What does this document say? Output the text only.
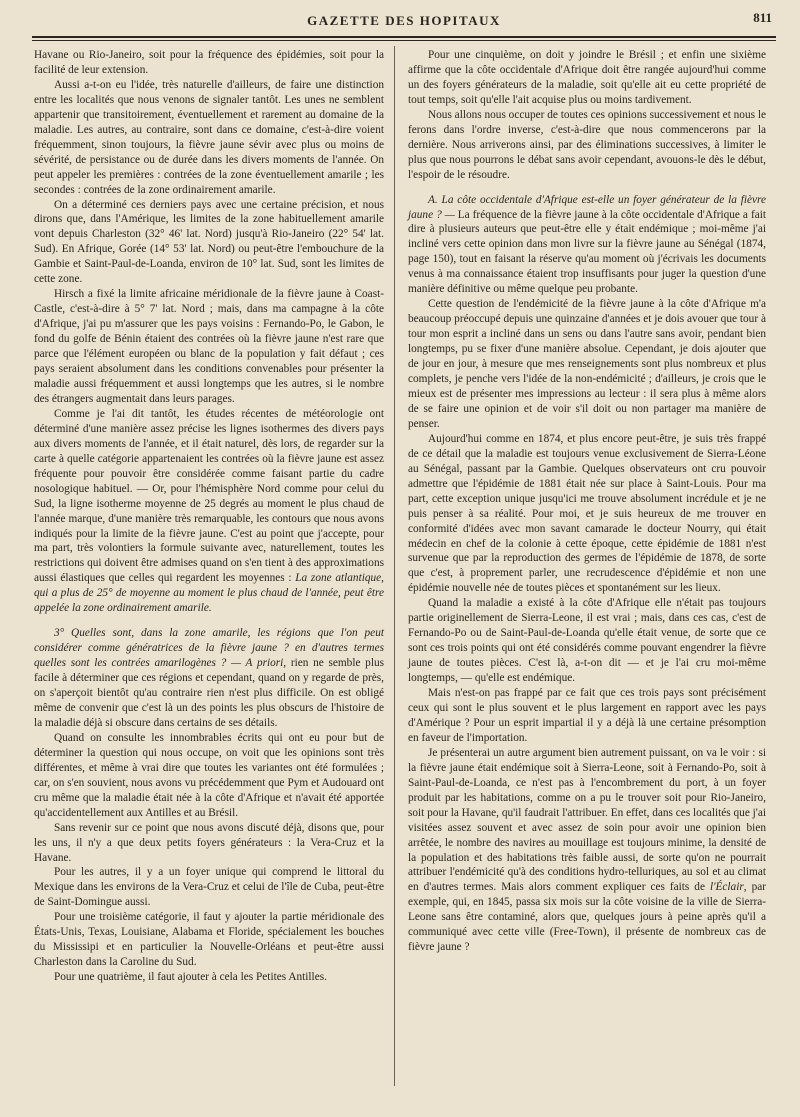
GAZETTE DES HOPITAUX	811

Havane ou Rio-Janeiro, soit pour la fréquence des épidémies, soit pour la facilité de leur extension.

Aussi a-t-on eu l'idée, très naturelle d'ailleurs, de faire une distinction entre les localités que nous venons de signaler tantôt. Les unes ne semblent appartenir que transitoirement, éventuellement et rarement au domaine de la maladie. Les autres, au contraire, sont dans ce domaine, c'est-à-dire voient fréquemment, sinon toujours, la fièvre jaune sévir avec plus ou moins de sévérité, de persistance ou de durée dans les divers moments de l'année. On peut appeler les premières : contrées de la zone éventuellement amarile ; les secondes : contrées de la zone ordinairement amarile.

On a déterminé ces derniers pays avec une certaine précision, et nous dirons que, dans l'Amérique, les limites de la zone habituellement amarile vont depuis Charleston (32° 46' lat. Nord) jusqu'à Rio-Janeiro (22° 54' lat. Sud). En Afrique, Gorée (14° 53' lat. Nord) ou peut-être l'embouchure de la Gambie et Saint-Paul-de-Loanda, environ de 10° lat. Sud, sont les limites de cette zone.

Hirsch a fixé la limite africaine méridionale de la fièvre jaune à Coast-Castle, c'est-à-dire à 5° 7' lat. Nord ; mais, dans ma campagne à la côte d'Afrique, j'ai pu m'assurer que les pays voisins : Fernando-Po, le Gabon, le fond du golfe de Bénin étaient des contrées où la fièvre jaune n'est rare que parce que l'élément européen ou blanc de la population y fait défaut ; ces pays seraient absolument dans les conditions convenables pour présenter la maladie aussi fréquemment et aussi longtemps que les autres, si le nombre des étrangers augmentait dans leurs parages.

Comme je l'ai dit tantôt, les études récentes de météorologie ont déterminé d'une manière assez précise les lignes isothermes des divers pays aux divers moments de l'année, et il était naturel, dès lors, de regarder sur la carte à quelle catégorie appartenaient les contrées où la fièvre jaune est assez fréquente pour pouvoir être considérée comme faisant partie du cadre nosologique habituel. — Or, pour l'hémisphère Nord comme pour celui du Sud, la ligne isotherme moyenne de 25 degrés au moment le plus chaud de l'année marque, d'une manière très remarquable, les contours que nous avons indiqués pour la limite de la fièvre jaune. C'est au point que j'accepte, pour ma part, très volontiers la formule suivante avec, naturellement, toutes les restrictions qui doivent être admises quand on s'en tient à des approximations aussi élastiques que celles qui regardent les moyennes : La zone atlantique, qui a plus de 25° de moyenne au moment le plus chaud de l'année, peut être appelée la zone ordinairement amarile.

3° Quelles sont, dans la zone amarile, les régions que l'on peut considérer comme génératrices de la fièvre jaune ? en d'autres termes quelles sont les contrées amarilogènes ? — A priori, rien ne semble plus facile à déterminer que ces régions et cependant, quand on y regarde de près, on s'aperçoit bientôt qu'au contraire rien n'est plus difficile. On est obligé même de convenir que c'est là un des points les plus obscurs de l'histoire de la maladie déjà si obscure dans certains de ses détails.

Quand on consulte les innombrables écrits qui ont eu pour but de déterminer la question qui nous occupe, on voit que les opinions sont très différentes, et même à vrai dire que toutes les variantes ont été formulées ; car, on s'en souvient, nous avons vu précédemment que Pym et Audouard ont cru même que la maladie était née à la côte d'Afrique et n'avait été apportée qu'accidentellement aux Antilles et au Brésil.

Sans revenir sur ce point que nous avons discuté déjà, disons que, pour les uns, il n'y a que deux petits foyers générateurs : la Vera-Cruz et la Havane.

Pour les autres, il y a un foyer unique qui comprend le littoral du Mexique dans les environs de la Vera-Cruz et celui de l'île de Cuba, peut-être de Saint-Domingue aussi.

Pour une troisième catégorie, il faut y ajouter la partie méridionale des États-Unis, Texas, Louisiane, Alabama et Floride, spécialement les bouches du Mississipi et en particulier la Nouvelle-Orléans et peut-être aussi Charleston dans la Caroline du Sud.

Pour une quatrième, il faut ajouter à cela les Petites Antilles.

Pour une cinquième, on doit y joindre le Brésil ; et enfin une sixième affirme que la côte occidentale d'Afrique doit être rangée aujourd'hui comme un des foyers générateurs de la maladie, soit qu'elle ait eu cette propriété de tout temps, soit qu'elle l'ait acquise plus ou moins tardivement.

Nous allons nous occuper de toutes ces opinions successivement et nous le ferons dans l'ordre inverse, c'est-à-dire que nous commencerons par la dernière. Nous arriverons ainsi, par des éliminations successives, à limiter le plus que nous pourrons le débat sans avoir cependant, avouons-le dès le début, l'espoir de le résoudre.

A. La côte occidentale d'Afrique est-elle un foyer générateur de la fièvre jaune ? — La fréquence de la fièvre jaune à la côte occidentale d'Afrique a fait dire à plusieurs auteurs que peut-être elle y était endémique ; moi-même j'ai incliné vers cette opinion dans mon livre sur la fièvre jaune au Sénégal (1874, page 150), tout en faisant la réserve qu'au moment où j'écrivais les documents venus à ma connaissance étaient trop insuffisants pour juger la question d'une manière définitive ou même quelque peu probante.

Cette question de l'endémicité de la fièvre jaune à la côte d'Afrique m'a beaucoup préoccupé depuis une quinzaine d'années et je dois avouer que tour à tour mon esprit a incliné dans un sens ou dans l'autre sans avoir, pendant bien longtemps, pu se fixer d'une manière absolue. Cependant, je dois ajouter que de jour en jour, à mesure que mes renseignements sont plus nombreux et plus complets, je penche vers l'idée de la non-endémicité ; d'ailleurs, je crois que le mieux est de présenter mes impressions au lecteur : il sera plus à même alors de se faire une opinion et de voir s'il doit ou non partager ma manière de penser.

Aujourd'hui comme en 1874, et plus encore peut-être, je suis très frappé de ce détail que la maladie est toujours venue exclusivement de Sierra-Léone au Sénégal, passant par la Gambie. Quelques observateurs ont cru pouvoir admettre que l'épidémie de 1881 était née sur place à Saint-Louis. Pour ma part, cette exception unique jusqu'ici me trouve absolument incrédule et je ne puis penser à sa réalité. Pour moi, et je suis heureux de me trouver en conformité d'idées avec mon savant camarade le docteur Nourry, qui était médecin en chef de la colonie à cette époque, cette épidémie de 1881 n'est survenue que par la reproduction des germes de l'épidémie de 1878, de sorte que c'est, à proprement parler, une recrudescence d'épidémie et non une épidémie nouvelle née de toutes pièces et spontanément sur les lieux.

Quand la maladie a existé à la côte d'Afrique elle n'était pas toujours partie originellement de Sierra-Leone, il est vrai ; mais, dans ces cas, c'est de Fernando-Po ou de Saint-Paul-de-Loanda qu'elle était venue, de sorte que ce sont ces trois points qui ont été considérés comme pouvant engendrer la fièvre jaune de toutes pièces. C'est là, a-t-on dit — et je l'ai cru moi-même longtemps, — qu'elle est endémique.

Mais n'est-on pas frappé par ce fait que ces trois pays sont précisément ceux qui sont le plus souvent et le plus largement en rapport avec les pays d'Amérique ? Pour un esprit impartial il y a déjà là une certaine présomption en faveur de l'importation.

Je présenterai un autre argument bien autrement puissant, on va le voir : si la fièvre jaune était endémique soit à Sierra-Leone, soit à Fernando-Po, soit à Saint-Paul-de-Loanda, ce n'est pas à l'encombrement du port, à un foyer produit par les habitations, comme on a pu le trouver soit pour Rio-Janeiro, soit pour la Havane, qu'il faudrait l'attribuer. En effet, dans ces localités que j'ai visitées assez souvent et avec assez de soin pour avoir une opinion bien arrêtée, le nombre des navires au mouillage est toujours minime, la densité de la population et des habitations très faible aussi, de sorte qu'on ne pourrait attribuer l'endémicité qu'à des conditions hydro-telluriques, au sol et au climat en d'autres termes. Mais alors comment expliquer ces faits de l'Éclair, par exemple, qui, en 1845, passa six mois sur la côte voisine de la ville de Sierra-Leone sans être contaminé, alors que, quelques jours à peine après qu'il a communiqué avec cette ville (Free-Town), il présente de nombreux cas de fièvre jaune ?
